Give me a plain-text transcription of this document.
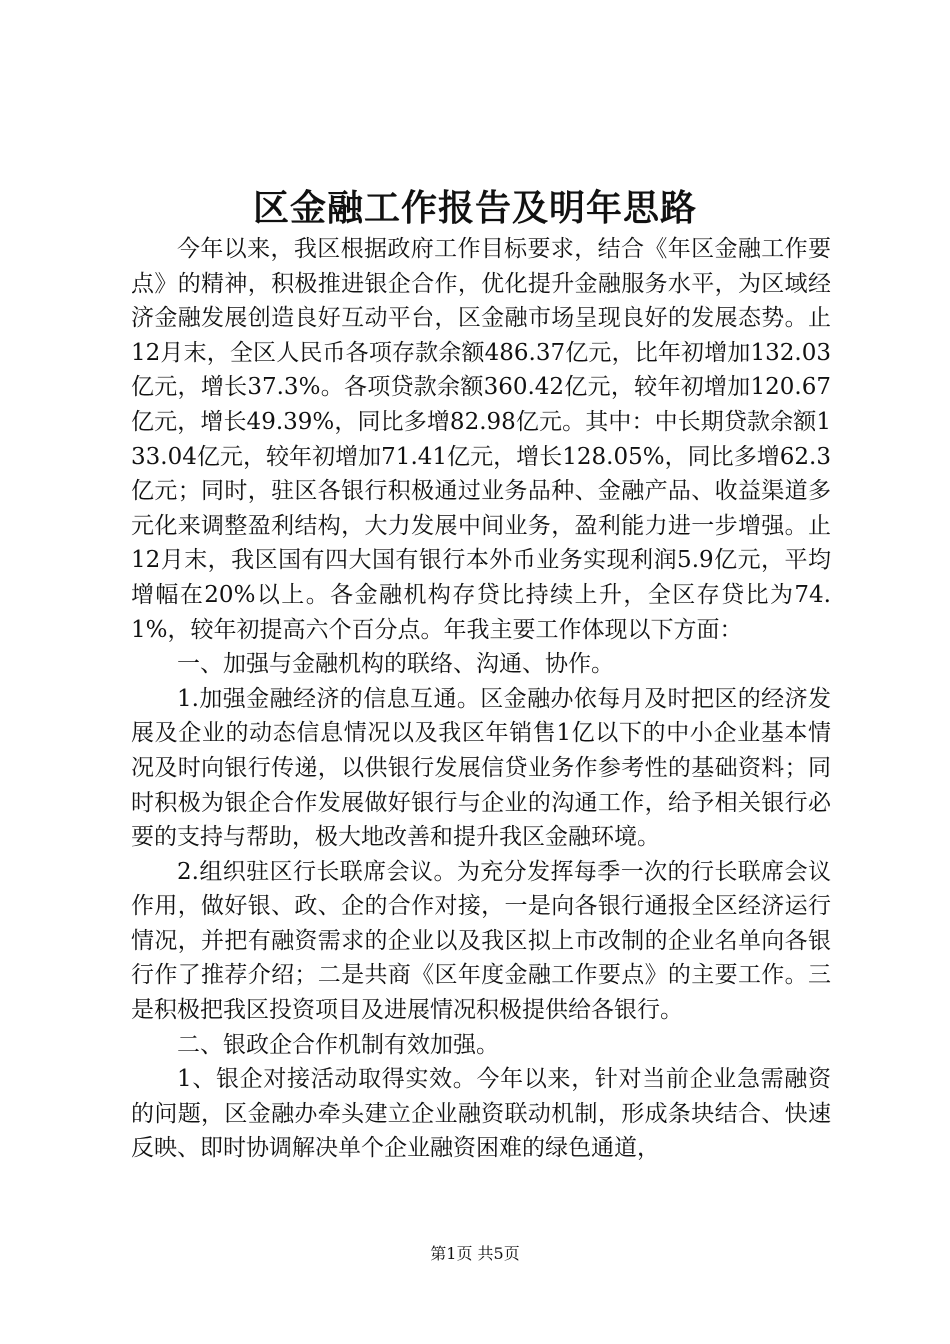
区金融工作报告及明年思路

今年以来，我区根据政府工作目标要求，结合《年区金融工作要点》的精神，积极推进银企合作，优化提升金融服务水平，为区域经济金融发展创造良好互动平台，区金融市场呈现良好的发展态势。止12月末，全区人民币各项存款余额486.37亿元，比年初增加132.03亿元，增长37.3%。各项贷款余额360.42亿元，较年初增加120.67亿元，增长49.39%，同比多增82.98亿元。其中：中长期贷款余额133.04亿元，较年初增加71.41亿元，增长128.05%，同比多增62.3亿元；同时，驻区各银行积极通过业务品种、金融产品、收益渠道多元化来调整盈利结构，大力发展中间业务，盈利能力进一步增强。止12月末，我区国有四大国有银行本外币业务实现利润5.9亿元，平均增幅在20%以上。各金融机构存贷比持续上升，全区存贷比为74.1%，较年初提高六个百分点。年我主要工作体现以下方面：

一、加强与金融机构的联络、沟通、协作。

1.加强金融经济的信息互通。区金融办依每月及时把区的经济发展及企业的动态信息情况以及我区年销售1亿以下的中小企业基本情况及时向银行传递，以供银行发展信贷业务作参考性的基础资料；同时积极为银企合作发展做好银行与企业的沟通工作，给予相关银行必要的支持与帮助，极大地改善和提升我区金融环境。

2.组织驻区行长联席会议。为充分发挥每季一次的行长联席会议作用，做好银、政、企的合作对接，一是向各银行通报全区经济运行情况，并把有融资需求的企业以及我区拟上市改制的企业名单向各银行作了推荐介绍；二是共商《区年度金融工作要点》的主要工作。三是积极把我区投资项目及进展情况积极提供给各银行。

二、银政企合作机制有效加强。

1、银企对接活动取得实效。今年以来，针对当前企业急需融资的问题，区金融办牵头建立企业融资联动机制，形成条块结合、快速反映、即时协调解决单个企业融资困难的绿色通道，

第1页 共5页
